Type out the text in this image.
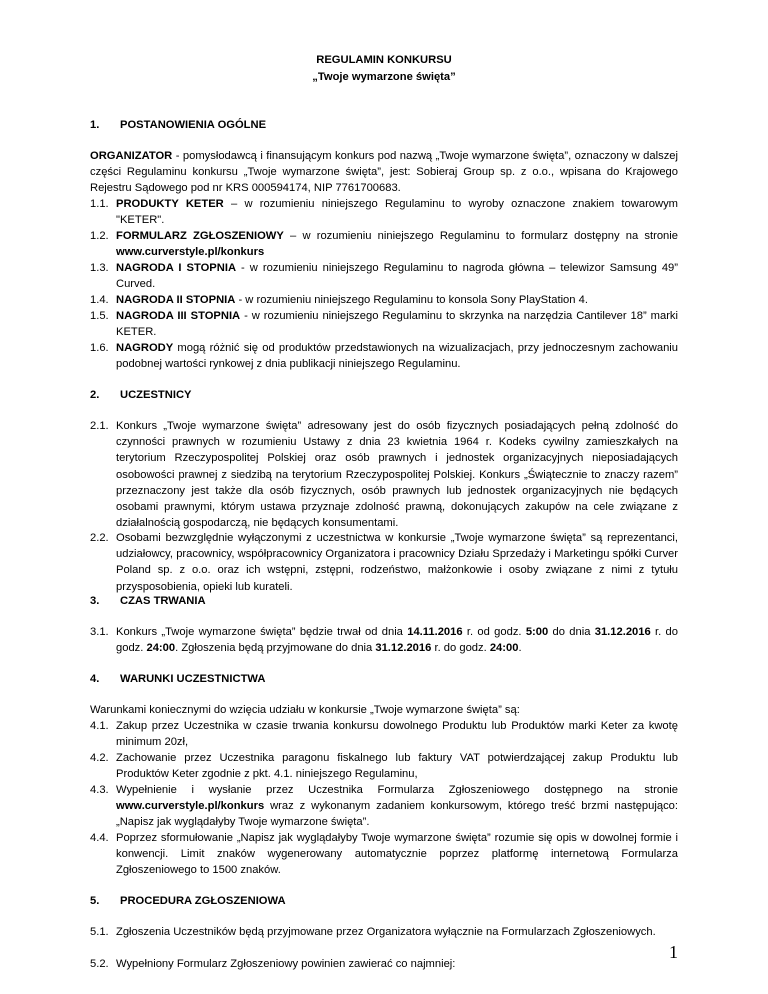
REGULAMIN KONKURSU
„Twoje wymarzone święta”
1. POSTANOWIENIA OGÓLNE
ORGANIZATOR - pomysłodawcą i finansującym konkurs pod nazwą „Twoje wymarzone święta”, oznaczony w dalszej części Regulaminu konkursu „Twoje wymarzone święta”, jest: Sobieraj Group sp. z o.o., wpisana do Krajowego Rejestru Sądowego pod nr KRS 000594174, NIP 7761700683.
1.1. PRODUKTY KETER – w rozumieniu niniejszego Regulaminu to wyroby oznaczone znakiem towarowym "KETER".
1.2. FORMULARZ ZGŁOSZENIOWY – w rozumieniu niniejszego Regulaminu to formularz dostępny na stronie www.curverstyle.pl/konkurs
1.3. NAGRODA I STOPNIA - w rozumieniu niniejszego Regulaminu to nagroda główna – telewizor Samsung 49” Curved.
1.4. NAGRODA II STOPNIA - w rozumieniu niniejszego Regulaminu to konsola Sony PlayStation 4.
1.5. NAGRODA III STOPNIA - w rozumieniu niniejszego Regulaminu to skrzynka na narzędzia Cantilever 18” marki KETER.
1.6. NAGRODY mogą różnić się od produktów przedstawionych na wizualizacjach, przy jednoczesnym zachowaniu podobnej wartości rynkowej z dnia publikacji niniejszego Regulaminu.
2. UCZESTNICY
2.1. Konkurs „Twoje wymarzone święta” adresowany jest do osób fizycznych posiadających pełną zdolność do czynności prawnych w rozumieniu Ustawy z dnia 23 kwietnia 1964 r. Kodeks cywilny zamieszkałych na terytorium Rzeczypospolitej Polskiej oraz osób prawnych i jednostek organizacyjnych nieposiadających osobowości prawnej z siedzibą na terytorium Rzeczypospolitej Polskiej. Konkurs „Świątecznie to znaczy razem” przeznaczony jest także dla osób fizycznych, osób prawnych lub jednostek organizacyjnych nie będących osobami prawnymi, którym ustawa przyznaje zdolność prawną, dokonujących zakupów na cele związane z działalnością gospodarczą, nie będących konsumentami.
2.2. Osobami bezwzględnie wyłączonymi z uczestnictwa w konkursie „Twoje wymarzone święta” są reprezentanci, udziałowcy, pracownicy, współpracownicy Organizatora i pracownicy Działu Sprzedaży i Marketingu spółki Curver Poland sp. z o.o. oraz ich wstępni, zstępni, rodzeństwo, małżonkowie i osoby związane z nimi z tytułu przysposobienia, opieki lub kurateli.
3. CZAS TRWANIA
3.1. Konkurs „Twoje wymarzone święta” będzie trwał od dnia 14.11.2016 r. od godz. 5:00 do dnia 31.12.2016 r. do godz. 24:00. Zgłoszenia będą przyjmowane do dnia 31.12.2016 r. do godz. 24:00.
4. WARUNKI UCZESTNICTWA
Warunkami koniecznymi do wzięcia udziału w konkursie „Twoje wymarzone święta” są:
4.1. Zakup przez Uczestnika w czasie trwania konkursu dowolnego Produktu lub Produktów marki Keter za kwotę minimum 20zł,
4.2. Zachowanie przez Uczestnika paragonu fiskalnego lub faktury VAT potwierdzającej zakup Produktu lub Produktów Keter zgodnie z pkt. 4.1. niniejszego Regulaminu,
4.3. Wypełnienie i wysłanie przez Uczestnika Formularza Zgłoszeniowego dostępnego na stronie www.curverstyle.pl/konkurs wraz z wykonanym zadaniem konkursowym, którego treść brzmi następująco: „Napisz jak wyglądałyby Twoje wymarzone święta”.
4.4. Poprzez sformułowanie „Napisz jak wyglądałyby Twoje wymarzone święta” rozumie się opis w dowolnej formie i konwencji. Limit znaków wygenerowany automatycznie poprzez platformę internetową Formularza Zgłoszeniowego to 1500 znaków.
5. PROCEDURA ZGŁOSZENIOWA
5.1. Zgłoszenia Uczestników będą przyjmowane przez Organizatora wyłącznie na Formularzach Zgłoszeniowych.
5.2. Wypełniony Formularz Zgłoszeniowy powinien zawierać co najmniej:
1
